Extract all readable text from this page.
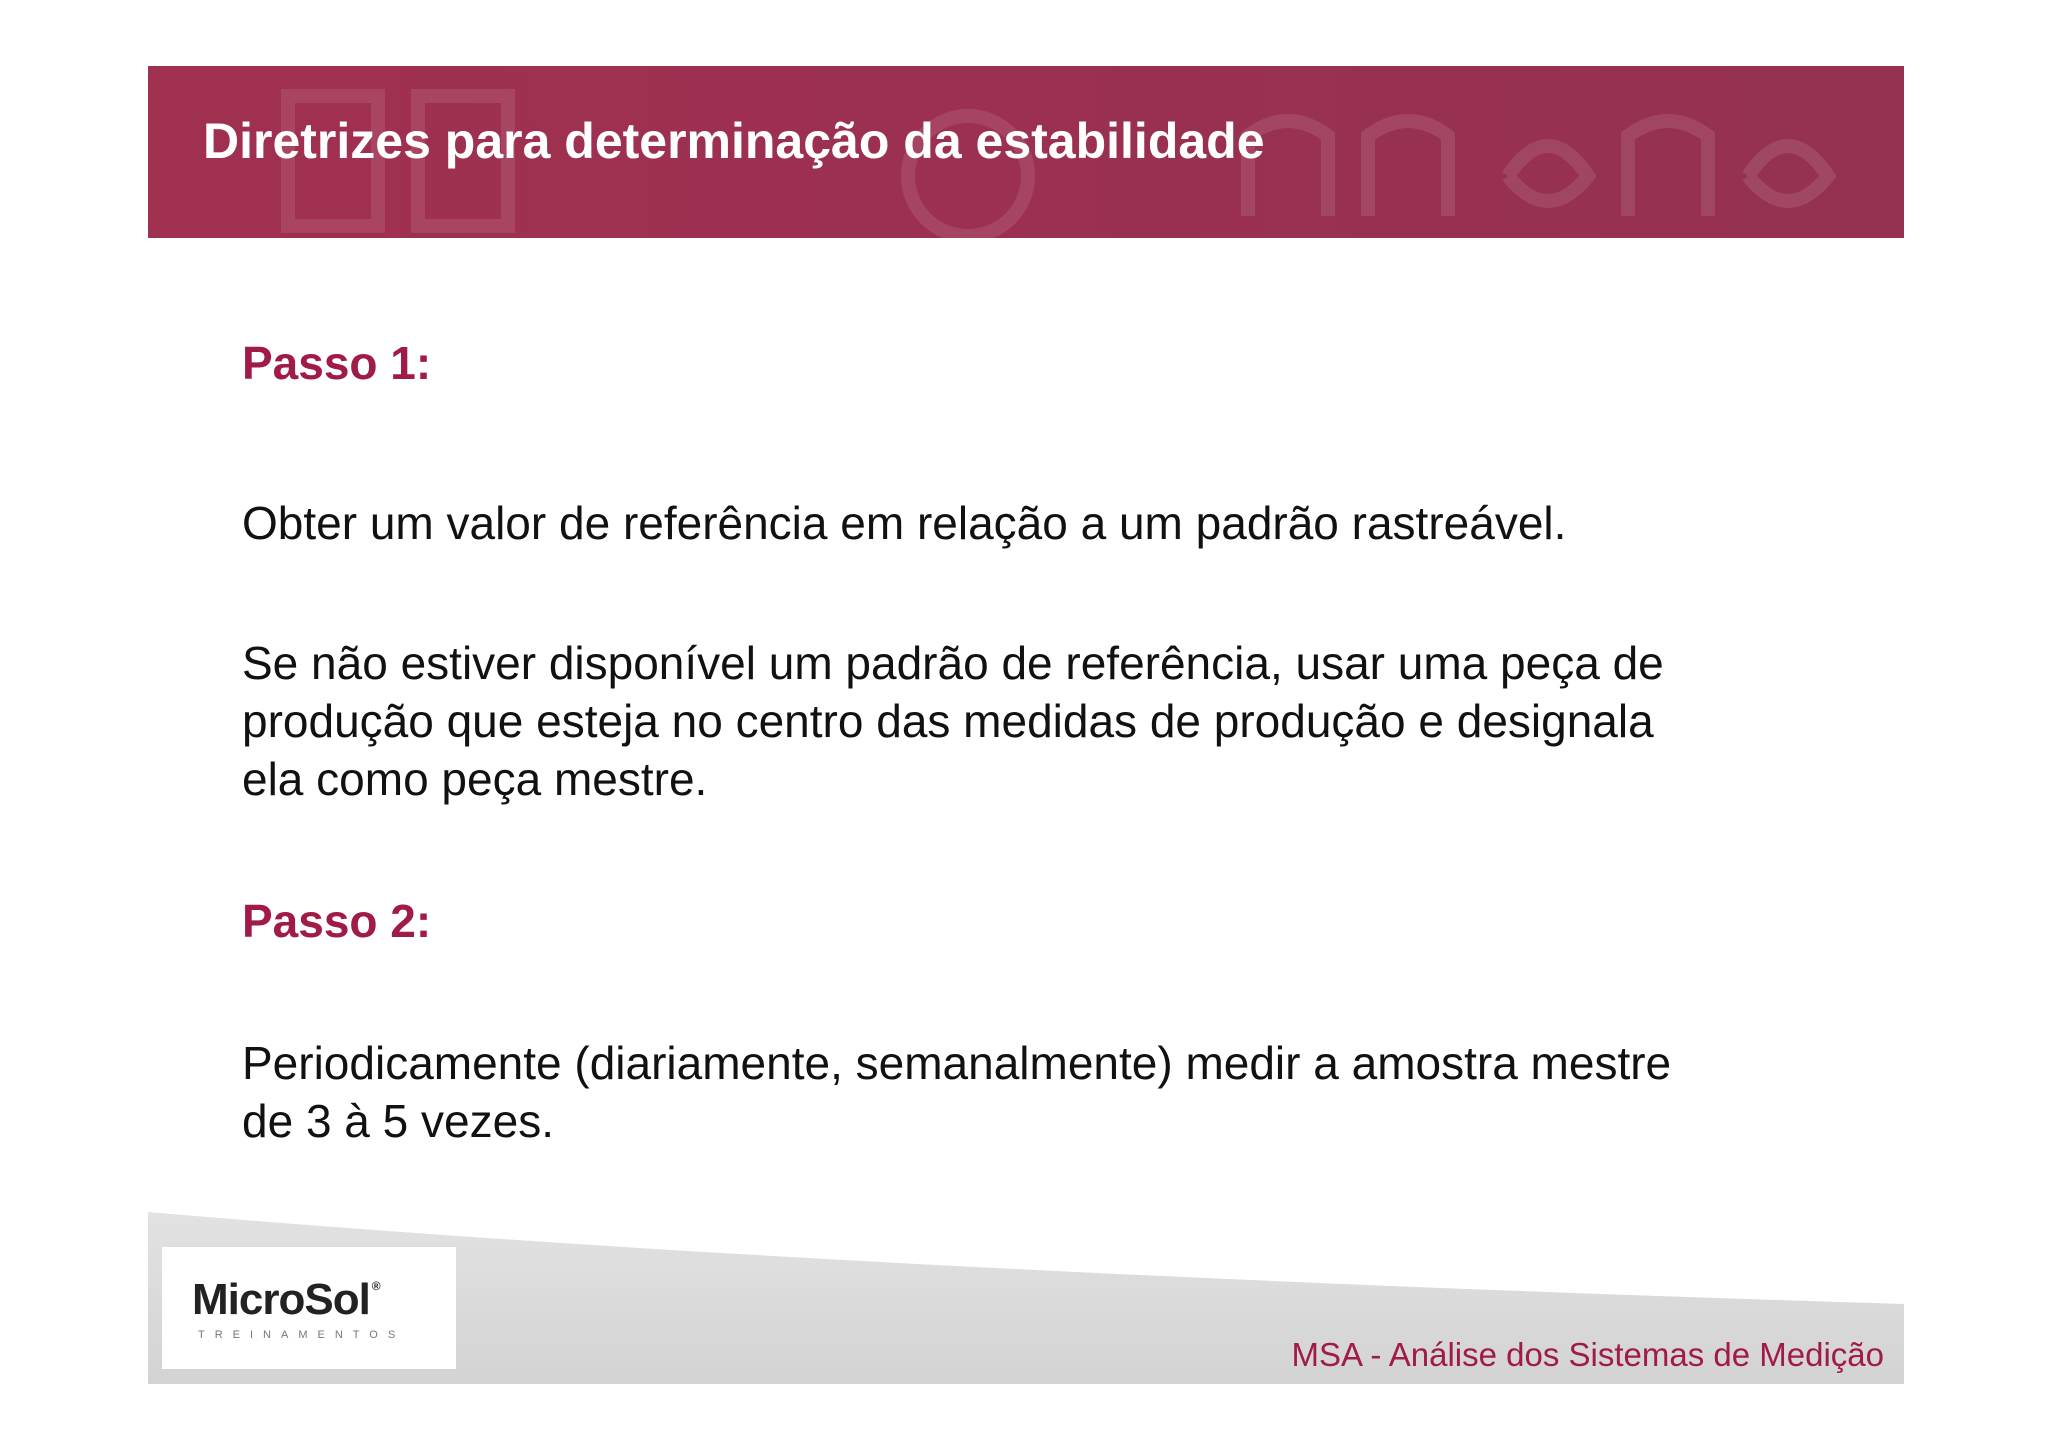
Diretrizes para determinação da estabilidade
Passo 1:
Obter um valor de referência em relação a um padrão rastreável.
Se não estiver disponível um padrão de referência, usar uma peça de
produção que esteja no centro das medidas de produção e designala
ela como peça mestre.
Passo 2:
Periodicamente (diariamente, semanalmente) medir a amostra mestre
de 3 à 5 vezes.
MicroSol ®
TREINAMENTOS
MSA - Análise dos Sistemas de Medição
